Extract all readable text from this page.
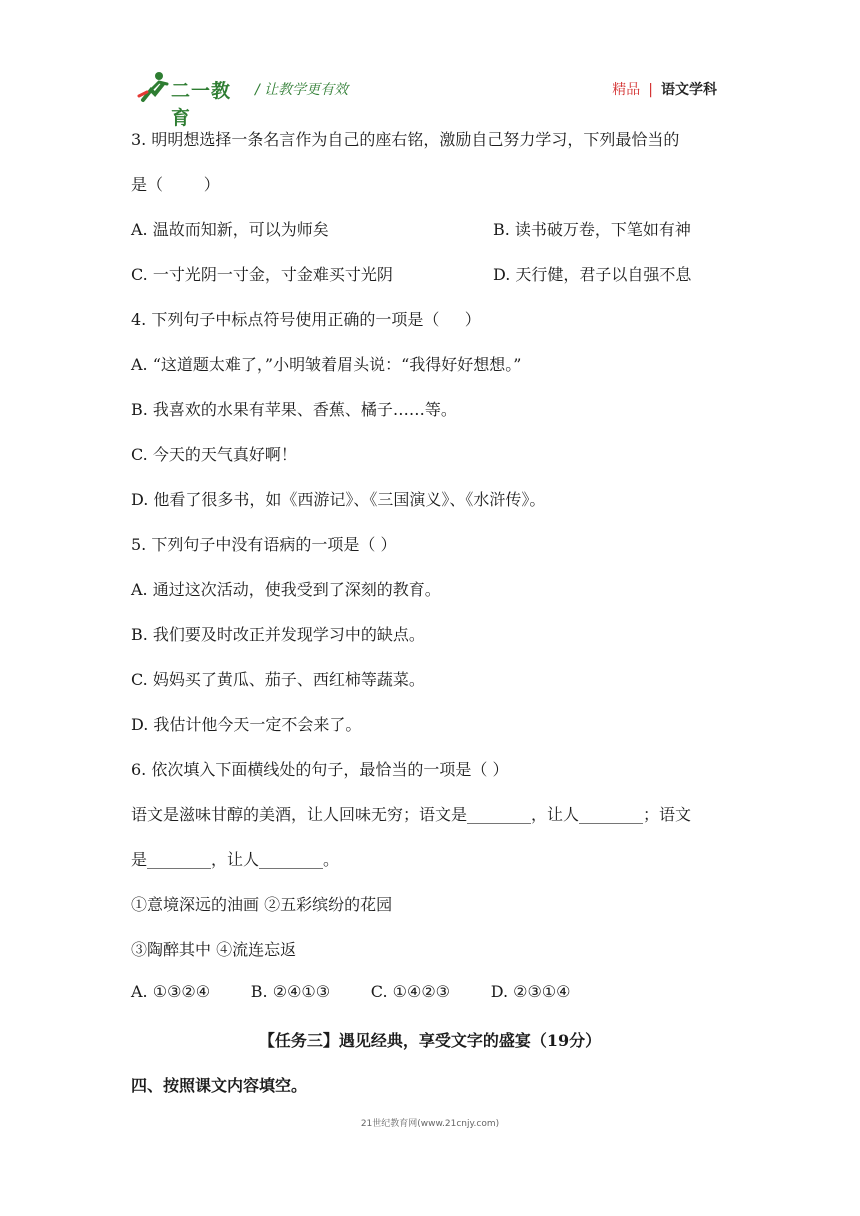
二一教育
/ 让教学更有效	精品 | 语文学科
3. 明明想选择一条名言作为自己的座右铭，激励自己努力学习，下列最恰当的
是（        ）
A. 温故而知新，可以为师矣	B. 读书破万卷，下笔如有神
C. 一寸光阴一寸金，寸金难买寸光阴	D. 天行健，君子以自强不息
4. 下列句子中标点符号使用正确的一项是（     ）
A. “这道题太难了，”小明皱着眉头说：“我得好好想想。”
B. 我喜欢的水果有苹果、香蕉、橘子……等。
C. 今天的天气真好啊！
D. 他看了很多书，如《西游记》、《三国演义》、《水浒传》。
5. 下列句子中没有语病的一项是（ ）
A. 通过这次活动，使我受到了深刻的教育。
B. 我们要及时改正并发现学习中的缺点。
C. 妈妈买了黄瓜、茄子、西红柿等蔬菜。
D. 我估计他今天一定不会来了。
6. 依次填入下面横线处的句子，最恰当的一项是（ ）
语文是滋味甘醇的美酒，让人回味无穷；语文是________，让人________；语文
是________，让人________。
①意境深远的油画 ②五彩缤纷的花园
③陶醉其中 ④流连忘返
A. ①③②④        B. ②④①③        C. ①④②③        D. ②③①④
【任务三】遇见经典，享受文字的盛宴（19分）
四、按照课文内容填空。
21世纪教育网(www.21cnjy.com)
